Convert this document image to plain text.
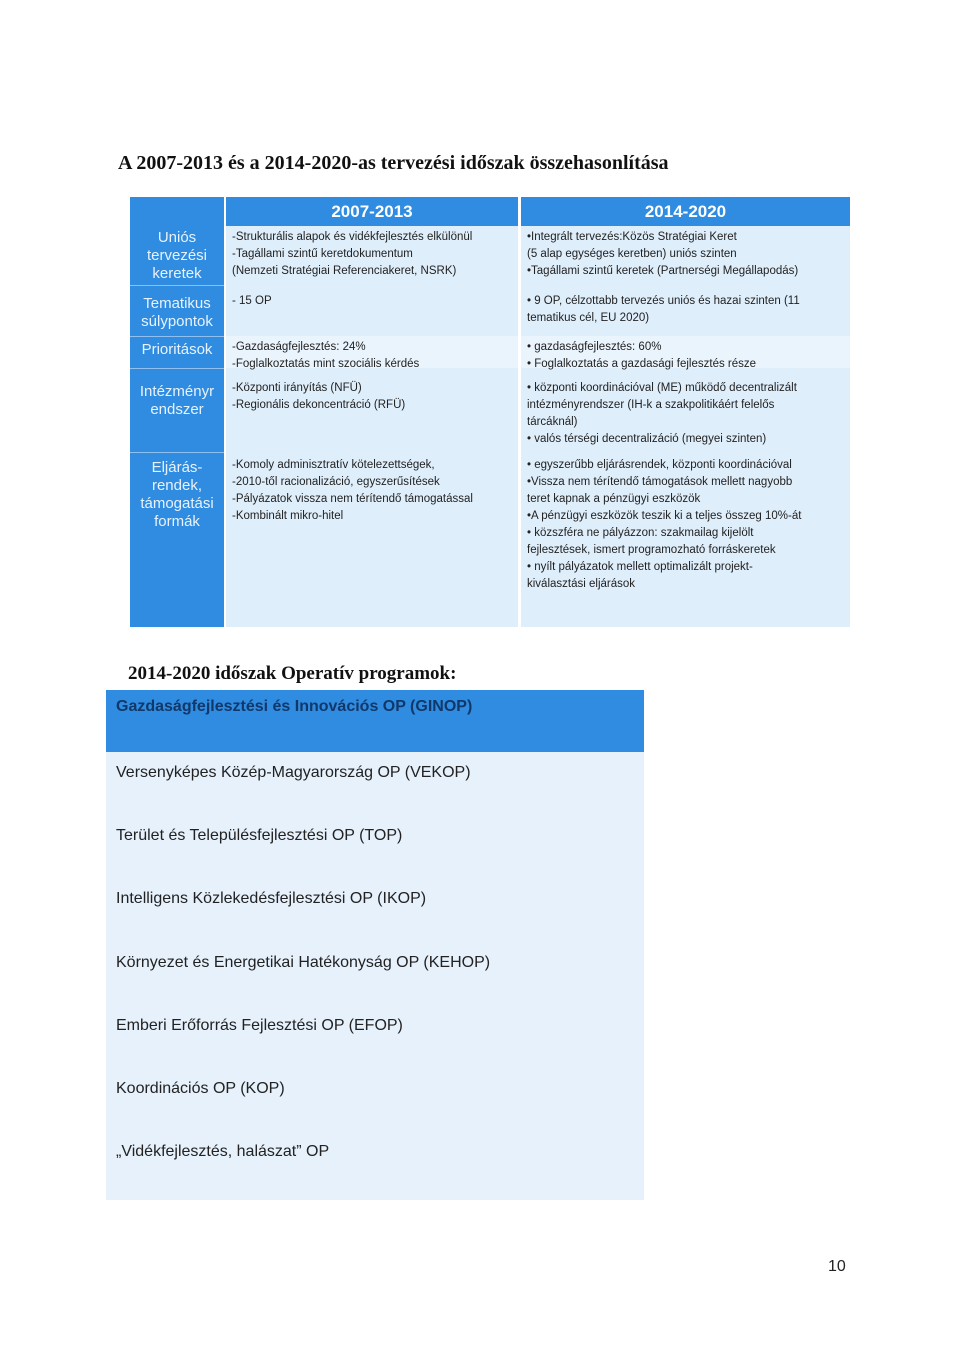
A 2007-2013 és a 2014-2020-as tervezési időszak összehasonlítása
Uniós
tervezési
keretek
Tematikus
súlypontok
Prioritások
Intézményr
endszer
Eljárás-
rendek,
támogatási
formák
2007-2013
-Strukturális alapok és vidékfejlesztés elkülönül
-Tagállami szintű keretdokumentum
(Nemzeti Stratégiai Referenciakeret, NSRK)
- 15 OP
-Gazdaságfejlesztés: 24%
-Foglalkoztatás mint szociális kérdés
-Központi irányítás (NFÜ)
-Regionális dekoncentráció (RFÜ)
-Komoly adminisztratív kötelezettségek,
-2010-től racionalizáció, egyszerűsítések
-Pályázatok vissza nem térítendő támogatással
-Kombinált mikro-hitel
2014-2020
•Integrált tervezés:Közös Stratégiai Keret
(5 alap egységes keretben) uniós szinten
•Tagállami szintű keretek (Partnerségi Megállapodás)
• 9 OP, célzottabb tervezés uniós és hazai szinten (11
tematikus cél, EU 2020)
• gazdaságfejlesztés: 60%
• Foglalkoztatás a gazdasági fejlesztés része
• központi koordinációval (ME) működő decentralizált
intézményrendszer (IH-k a szakpolitikáért felelős
tárcáknál)
• valós térségi decentralizáció (megyei szinten)
• egyszerűbb eljárásrendek, központi koordinációval
•Vissza nem térítendő támogatások mellett nagyobb
teret kapnak a pénzügyi eszközök
•A pénzügyi eszközök teszik ki a teljes összeg 10%-át
• közszféra ne pályázzon: szakmailag kijelölt
fejlesztések, ismert programozható forráskeretek
• nyílt pályázatok mellett optimalizált projekt-
kiválasztási eljárások
2014-2020 időszak Operatív programok:
Gazdaságfejlesztési és Innovációs OP (GINOP)
Versenyképes Közép-Magyarország OP (VEKOP)
Terület és Településfejlesztési OP (TOP)
Intelligens Közlekedésfejlesztési OP (IKOP)
Környezet és Energetikai Hatékonyság OP (KEHOP)
Emberi Erőforrás Fejlesztési OP (EFOP)
Koordinációs OP (KOP)
„Vidékfejlesztés, halászat” OP
10
